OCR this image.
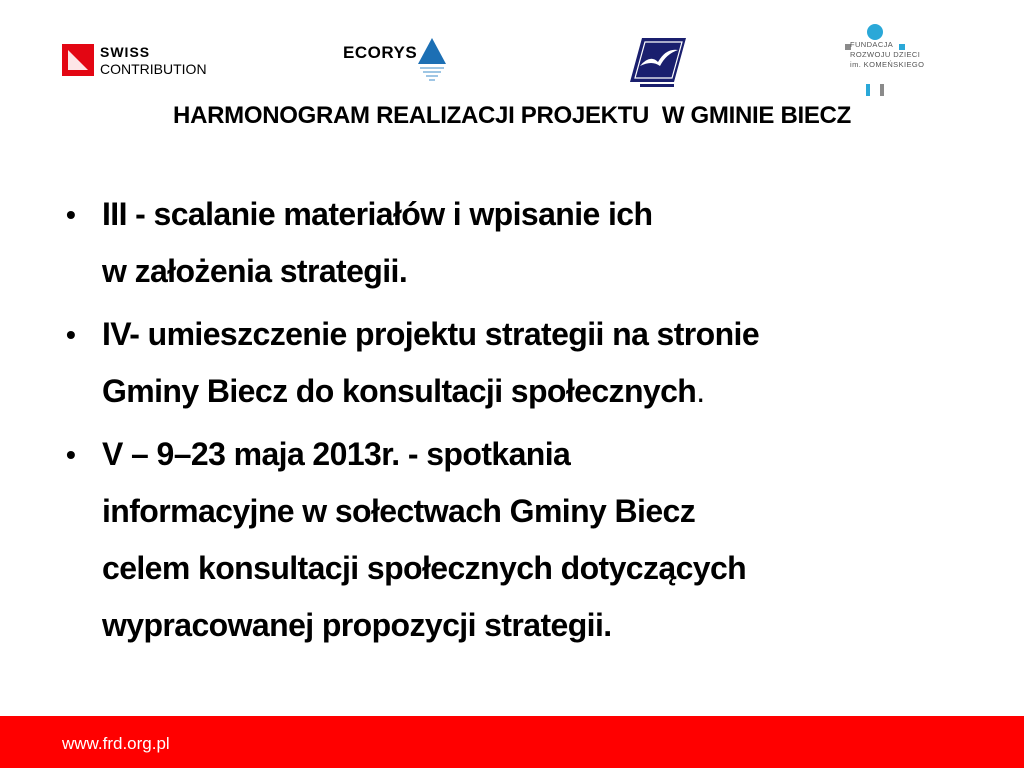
SWISS
CONTRIBUTION
ECORYS	FUNDACJA
ROZWOJU DZIECI
im. KOMEŃSKIEGO
HARMONOGRAM REALIZACJI PROJEKTU  W GMINIE BIECZ
• III - scalanie materiałów i wpisanie ich
w założenia strategii.
• IV- umieszczenie projektu strategii na stronie
Gminy Biecz do konsultacji społecznych.
• V – 9–23 maja 2013r. - spotkania
informacyjne w sołectwach Gminy Biecz
celem konsultacji społecznych dotyczących
wypracowanej propozycji strategii.
www.frd.org.pl
